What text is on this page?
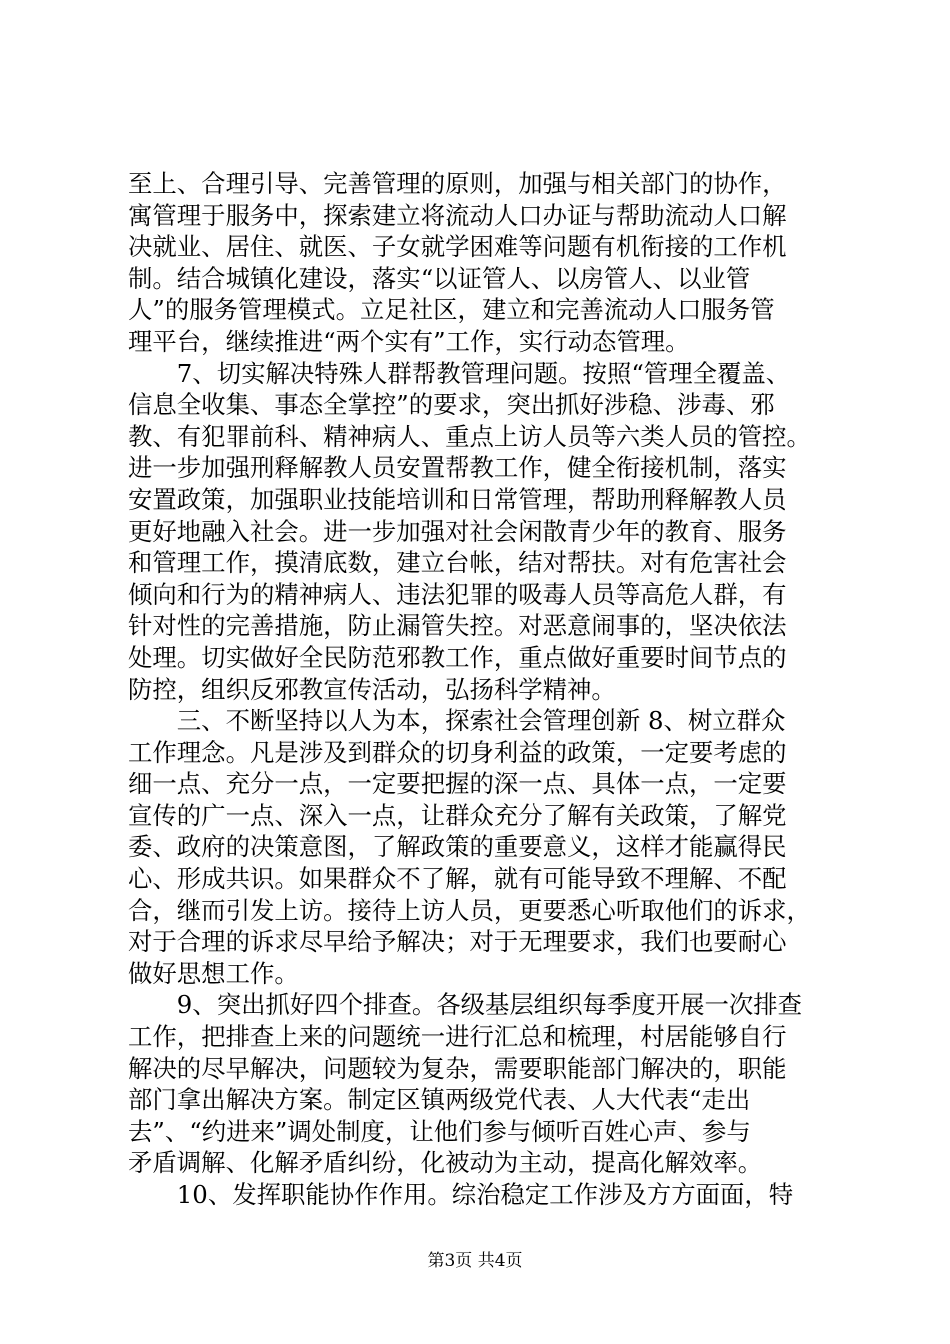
至上、合理引导、完善管理的原则，加强与相关部门的协作，
寓管理于服务中，探索建立将流动人口办证与帮助流动人口解
决就业、居住、就医、子女就学困难等问题有机衔接的工作机
制。结合城镇化建设，落实“以证管人、以房管人、以业管
人”的服务管理模式。立足社区，建立和完善流动人口服务管
理平台，继续推进“两个实有”工作，实行动态管理。
　　7、切实解决特殊人群帮教管理问题。按照“管理全覆盖、
信息全收集、事态全掌控”的要求，突出抓好涉稳、涉毒、邪
教、有犯罪前科、精神病人、重点上访人员等六类人员的管控。
进一步加强刑释解教人员安置帮教工作，健全衔接机制，落实
安置政策，加强职业技能培训和日常管理，帮助刑释解教人员
更好地融入社会。进一步加强对社会闲散青少年的教育、服务
和管理工作，摸清底数，建立台帐，结对帮扶。对有危害社会
倾向和行为的精神病人、违法犯罪的吸毒人员等高危人群，有
针对性的完善措施，防止漏管失控。对恶意闹事的，坚决依法
处理。切实做好全民防范邪教工作，重点做好重要时间节点的
防控，组织反邪教宣传活动，弘扬科学精神。
　　三、不断坚持以人为本，探索社会管理创新 8、树立群众
工作理念。凡是涉及到群众的切身利益的政策，一定要考虑的
细一点、充分一点，一定要把握的深一点、具体一点，一定要
宣传的广一点、深入一点，让群众充分了解有关政策，了解党
委、政府的决策意图，了解政策的重要意义，这样才能赢得民
心、形成共识。如果群众不了解，就有可能导致不理解、不配
合，继而引发上访。接待上访人员，更要悉心听取他们的诉求，
对于合理的诉求尽早给予解决；对于无理要求，我们也要耐心
做好思想工作。
　　9、突出抓好四个排查。各级基层组织每季度开展一次排查
工作，把排查上来的问题统一进行汇总和梳理，村居能够自行
解决的尽早解决，问题较为复杂，需要职能部门解决的，职能
部门拿出解决方案。制定区镇两级党代表、人大代表“走出
去”、“约进来”调处制度，让他们参与倾听百姓心声、参与
矛盾调解、化解矛盾纠纷，化被动为主动，提高化解效率。
　　10、发挥职能协作作用。综治稳定工作涉及方方面面，特
第3页 共4页
